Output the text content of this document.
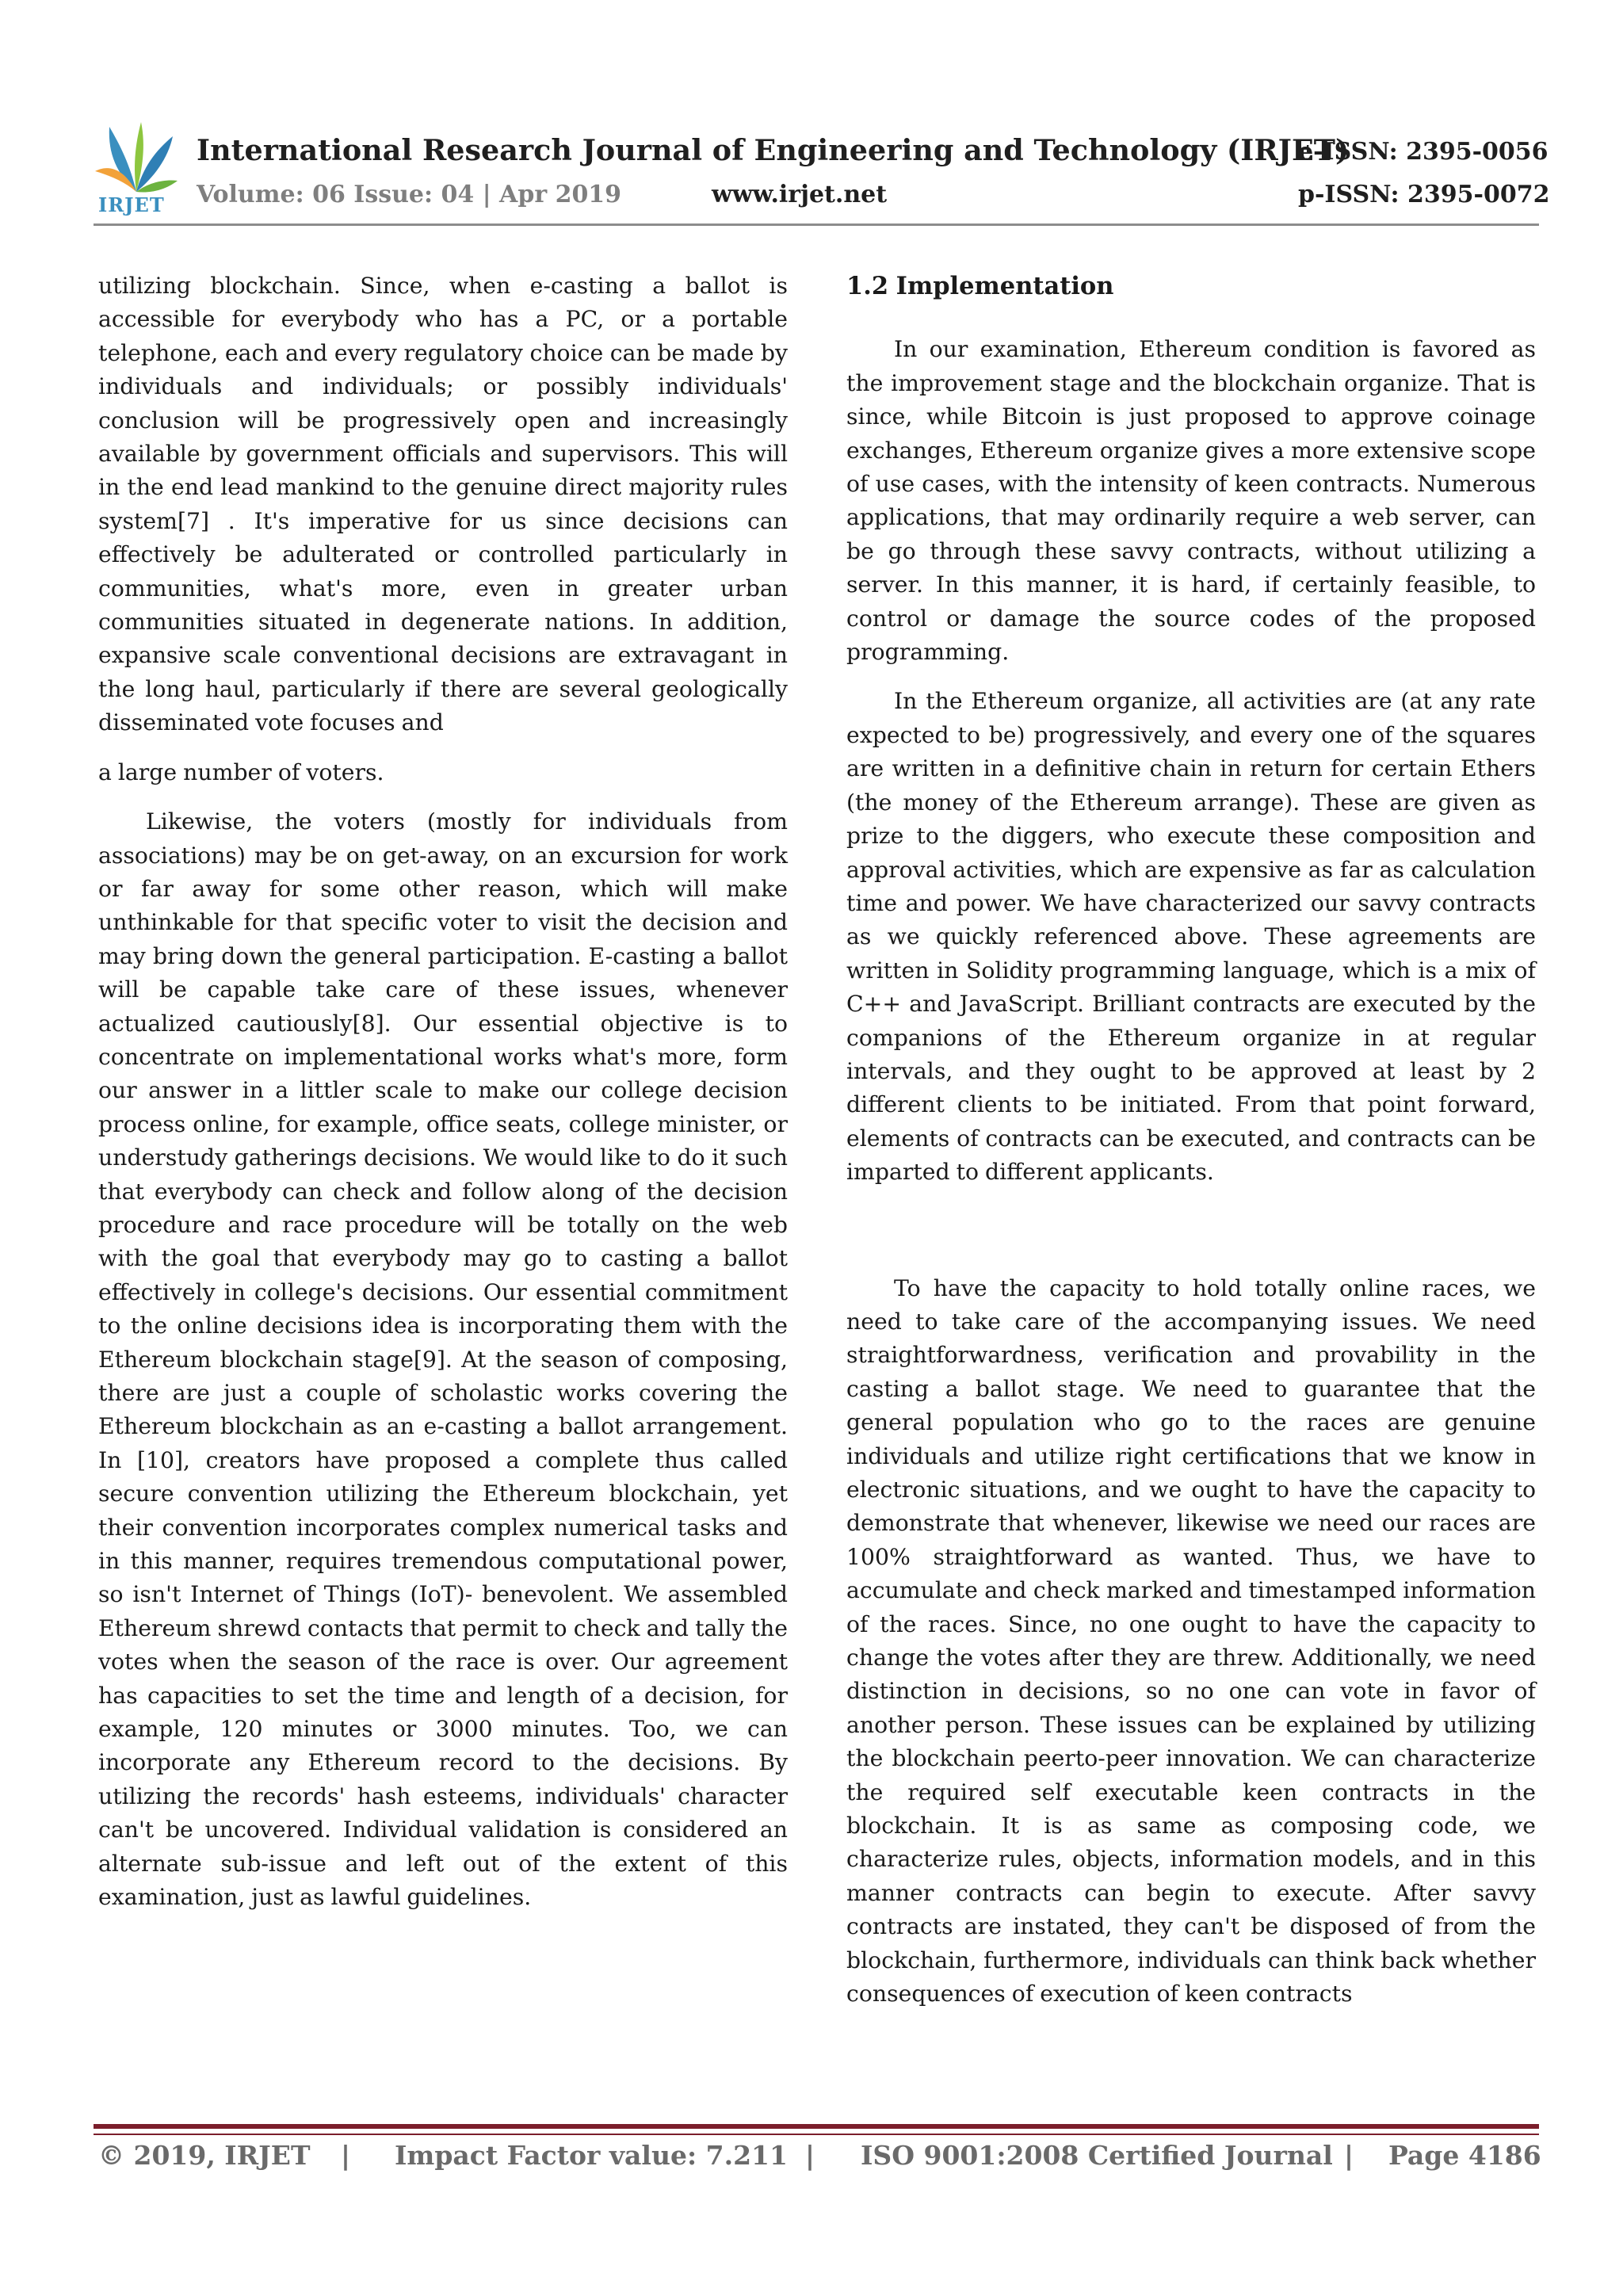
IRJET
International Research Journal of Engineering and Technology (IRJET)
e-ISSN: 2395-0056
Volume: 06 Issue: 04 | Apr 2019	www.irjet.net	p-ISSN: 2395-0072

utilizing blockchain. Since, when e-casting a ballot is accessible for everybody who has a PC, or a portable telephone, each and every regulatory choice can be made by individuals and individuals; or possibly individuals' conclusion will be progressively open and increasingly available by government officials and supervisors. This will in the end lead mankind to the genuine direct majority rules system[7] . It's imperative for us since decisions can effectively be adulterated or controlled particularly in communities, what's more, even in greater urban communities situated in degenerate nations. In addition, expansive scale conventional decisions are extravagant in the long haul, particularly if there are several geologically disseminated vote focuses and

a large number of voters.

Likewise, the voters (mostly for individuals from associations) may be on get-away, on an excursion for work or far away for some other reason, which will make unthinkable for that specific voter to visit the decision and may bring down the general participation. E-casting a ballot will be capable take care of these issues, whenever actualized cautiously[8]. Our essential objective is to concentrate on implementational works what's more, form our answer in a littler scale to make our college decision process online, for example, office seats, college minister, or understudy gatherings decisions. We would like to do it such that everybody can check and follow along of the decision procedure and race procedure will be totally on the web with the goal that everybody may go to casting a ballot effectively in college's decisions. Our essential commitment to the online decisions idea is incorporating them with the Ethereum blockchain stage[9]. At the season of composing, there are just a couple of scholastic works covering the Ethereum blockchain as an e-casting a ballot arrangement. In [10], creators have proposed a complete thus called secure convention utilizing the Ethereum blockchain, yet their convention incorporates complex numerical tasks and in this manner, requires tremendous computational power, so isn't Internet of Things (IoT)- benevolent. We assembled Ethereum shrewd contacts that permit to check and tally the votes when the season of the race is over. Our agreement has capacities to set the time and length of a decision, for example, 120 minutes or 3000 minutes. Too, we can incorporate any Ethereum record to the decisions. By utilizing the records' hash esteems, individuals' character can't be uncovered. Individual validation is considered an alternate sub-issue and left out of the extent of this examination, just as lawful guidelines.

1.2 Implementation

In our examination, Ethereum condition is favored as the improvement stage and the blockchain organize. That is since, while Bitcoin is just proposed to approve coinage exchanges, Ethereum organize gives a more extensive scope of use cases, with the intensity of keen contracts. Numerous applications, that may ordinarily require a web server, can be go through these savvy contracts, without utilizing a server. In this manner, it is hard, if certainly feasible, to control or damage the source codes of the proposed programming.

In the Ethereum organize, all activities are (at any rate expected to be) progressively, and every one of the squares are written in a definitive chain in return for certain Ethers (the money of the Ethereum arrange). These are given as prize to the diggers, who execute these composition and approval activities, which are expensive as far as calculation time and power. We have characterized our savvy contracts as we quickly referenced above. These agreements are written in Solidity programming language, which is a mix of C++ and JavaScript. Brilliant contracts are executed by the companions of the Ethereum organize in at regular intervals, and they ought to be approved at least by 2 different clients to be initiated. From that point forward, elements of contracts can be executed, and contracts can be imparted to different applicants.

To have the capacity to hold totally online races, we need to take care of the accompanying issues. We need straightforwardness, verification and provability in the casting a ballot stage. We need to guarantee that the general population who go to the races are genuine individuals and utilize right certifications that we know in electronic situations, and we ought to have the capacity to demonstrate that whenever, likewise we need our races are 100% straightforward as wanted. Thus, we have to accumulate and check marked and timestamped information of the races. Since, no one ought to have the capacity to change the votes after they are threw. Additionally, we need distinction in decisions, so no one can vote in favor of another person. These issues can be explained by utilizing the blockchain peerto-peer innovation. We can characterize the required self executable keen contracts in the blockchain. It is as same as composing code, we characterize rules, objects, information models, and in this manner contracts can begin to execute. After savvy contracts are instated, they can't be disposed of from the blockchain, furthermore, individuals can think back whether consequences of execution of keen contracts

© 2019, IRJET | Impact Factor value: 7.211 | ISO 9001:2008 Certified Journal | Page 4186
